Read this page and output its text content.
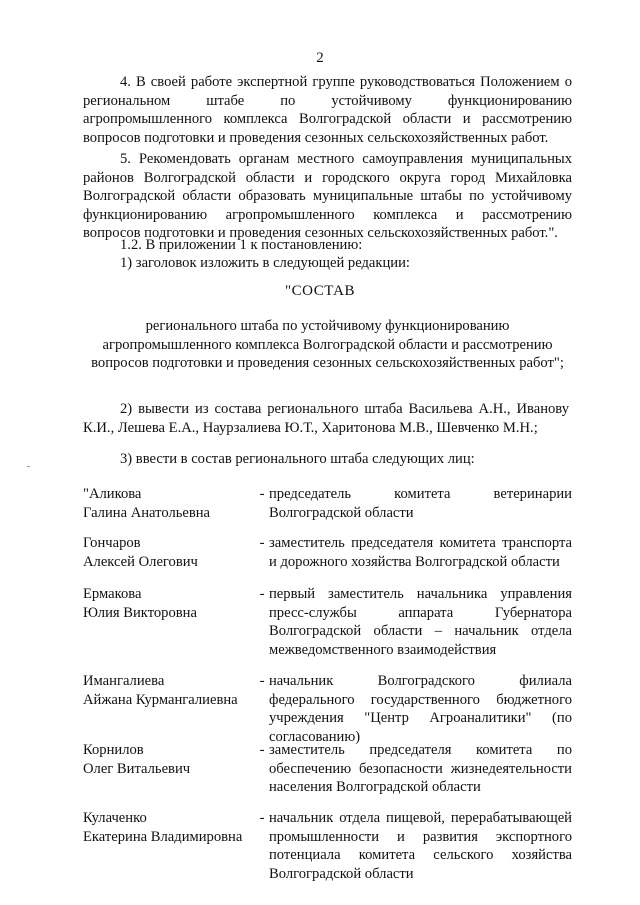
2
4. В своей работе экспертной группе руководствоваться Положением о региональном штабе по устойчивому функционированию агропромышленного комплекса Волгоградской области и рассмотрению вопросов подготовки и проведения сезонных сельскохозяйственных работ.
5. Рекомендовать органам местного самоуправления муниципальных районов Волгоградской области и городского округа город Михайловка Волгоградской области образовать муниципальные штабы по устойчивому функционированию агропромышленного комплекса и рассмотрению вопросов подготовки и проведения сезонных сельскохозяйственных работ.".
1.2. В приложении 1 к постановлению:
1) заголовок изложить в следующей редакции:
"СОСТАВ
регионального штаба по устойчивому функционированию агропромышленного комплекса Волгоградской области и рассмотрению вопросов подготовки и проведения сезонных сельскохозяйственных работ";
2) вывести из состава регионального штаба Васильева А.Н., Иванову К.И., Лешева Е.А., Наурзалиева Ю.Т., Харитонова М.В., Шевченко М.Н.;
3) ввести в состав регионального штаба следующих лиц:
"Аликова
Галина Анатольевна
- председатель комитета ветеринарии Волгоградской области
Гончаров
Алексей Олегович
- заместитель председателя комитета транспорта и дорожного хозяйства Волгоградской области
Ермакова
Юлия Викторовна
- первый заместитель начальника управления пресс-службы аппарата Губернатора Волгоградской области – начальник отдела межведомственного взаимодействия
Имангалиева
Айжана Курмангалиевна
- начальник Волгоградского филиала федерального государственного бюджетного учреждения "Центр Агроаналитики" (по согласованию)
Корнилов
Олег Витальевич
- заместитель председателя комитета по обеспечению безопасности жизнедеятельности населения Волгоградской области
Кулаченко
Екатерина Владимировна
- начальник отдела пищевой, перерабатывающей промышленности и развития экспортного потенциала комитета сельского хозяйства Волгоградской области
